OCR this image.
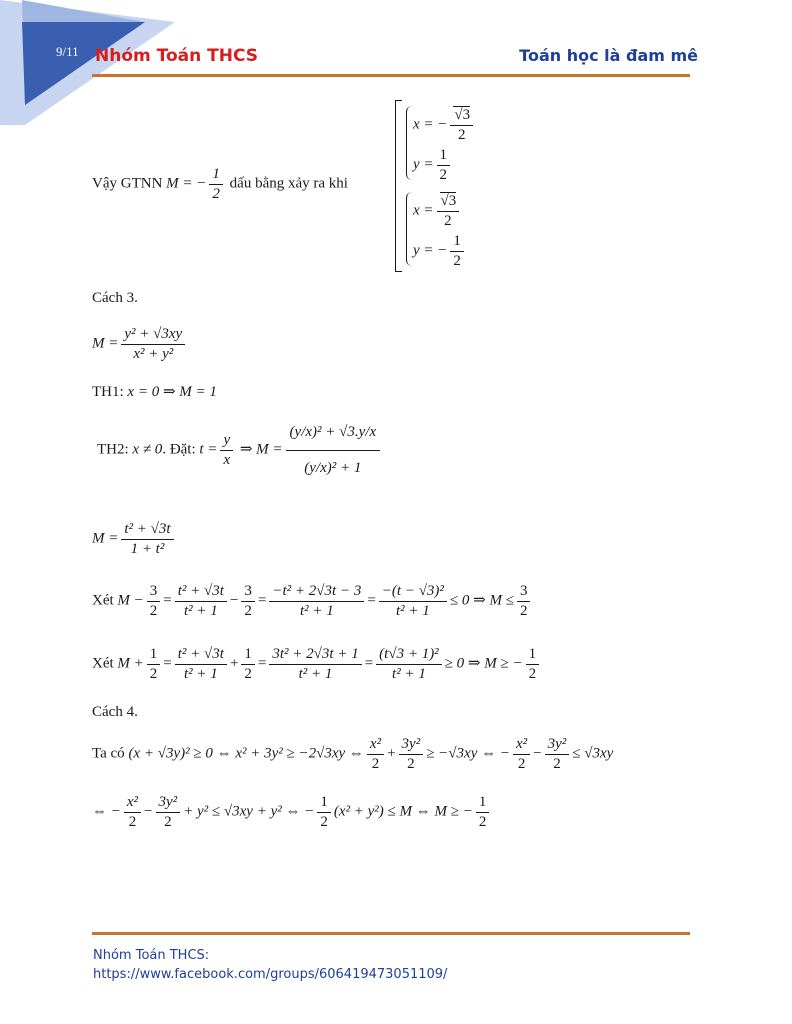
9/11 Nhóm Toán THCS	Toán học là đam mê
Vậy GTNN M = − $\frac{1}{2}$ dấu bằng xảy ra khi
x = − $\frac{√3}{2}$
$y = \frac{1}{2}$
$x = \frac{√3}{2}$
y = − $\frac{1}{2}$
Cách 3.
$M = \frac{\text{y² + √3xy}}{\text{x² + y²}}$
TH1: x = 0 ⇒ M = 1
TH2: x ≠ 0. Đặt: $t = \frac{y}{x}$ ⇒ $M = \frac{\text{(y/x)² + √3.y/x}}{\text{(y/x)² + 1}}$
$M = \frac{\text{t² + √3t}}{\text{1 + t²}}$
Xét $M - \frac{3}{2} = \frac{\text{t² + √3t}}{\text{t² + 1}} - \frac{3}{2} = \frac{\text{−t² + 2√3t − 3}}{\text{t² + 1}} = \frac{\text{−(t − √3)²}}{\text{t² + 1}} \le 0$ ⇒ $M \le \frac{3}{2}$
Xét $M + \frac{1}{2} = \frac{\text{t² + √3t}}{\text{t² + 1}} + \frac{1}{2} = \frac{\text{3t² + 2√3t + 1}}{\text{t² + 1}} = \frac{\text{(t√3 + 1)²}}{\text{t² + 1}} \ge 0$ ⇒ M ≥ − $\frac{1}{2}$
Cách 4.
Ta có (x + √3y)² ≥ 0 ⇔ x² + 3y² ≥ −2√3xy ⇔ $\frac{\text{x²}}{2} + \frac{\text{3y²}}{2} \ge -√3xy$ ⇔ − $\frac{\text{x²}}{2} - \frac{\text{3y²}}{2} \le √3xy$
⇔ − $\frac{\text{x²}}{2} - \frac{\text{3y²}}{2} + y^2 \le √3xy + y^2$ ⇔ − $\frac{1}{2} (x^2 + y^2) \le M$ ⇔ M ≥ − $\frac{1}{2}$
Nhóm Toán THCS:
https://www.facebook.com/groups/606419473051109/
